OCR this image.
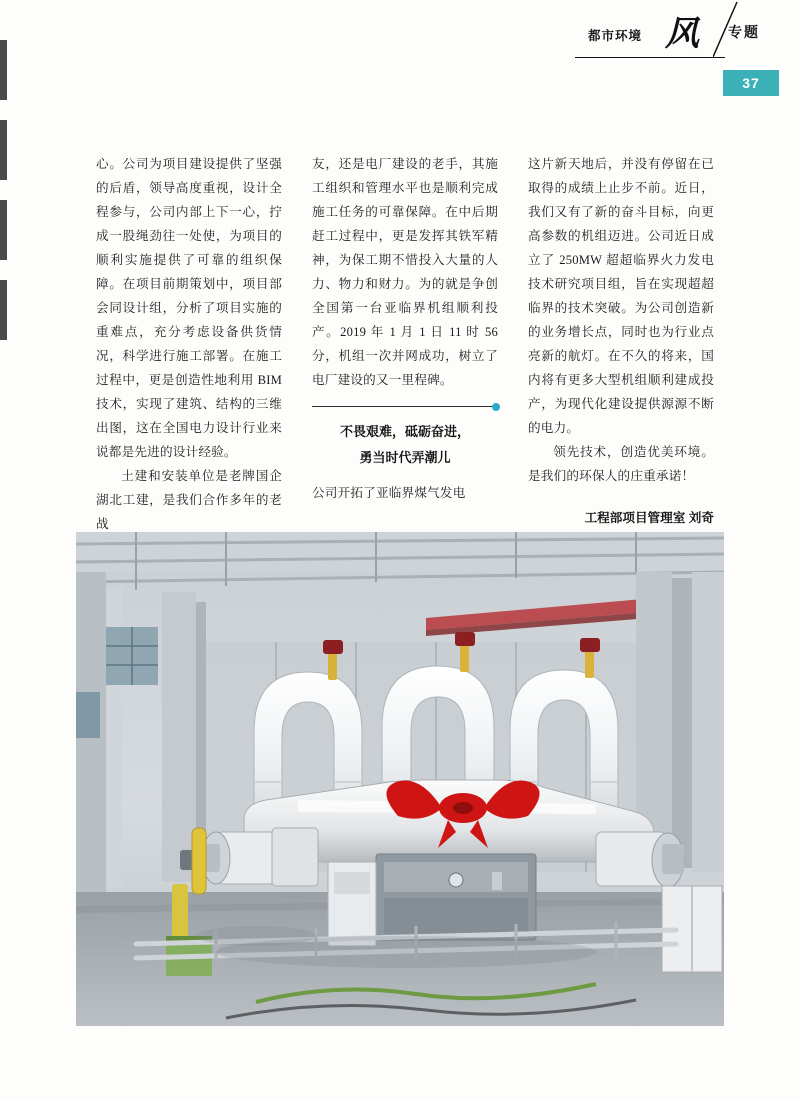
都市环境 风 专题
37

心。公司为项目建设提供了坚强的后盾，领导高度重视，设计全程参与，公司内部上下一心，拧成一股绳劲往一处使，为项目的顺利实施提供了可靠的组织保障。在项目前期策划中，项目部会同设计组，分析了项目实施的重难点，充分考虑设备供货情况，科学进行施工部署。在施工过程中，更是创造性地利用 BIM 技术，实现了建筑、结构的三维出图，这在全国电力设计行业来说都是先进的设计经验。

土建和安装单位是老牌国企湖北工建，是我们合作多年的老战

友，还是电厂建设的老手，其施工组织和管理水平也是顺利完成施工任务的可靠保障。在中后期赶工过程中，更是发挥其铁军精神，为保工期不惜投入大量的人力、物力和财力。为的就是争创全国第一台亚临界机组顺利投产。2019 年 1 月 1 日 11 时 56 分，机组一次并网成功，树立了电厂建设的又一里程碑。

不畏艰难，砥砺奋进，
勇当时代弄潮儿

公司开拓了亚临界煤气发电

这片新天地后，并没有停留在已取得的成绩上止步不前。近日，我们又有了新的奋斗目标，向更高参数的机组迈进。公司近日成立了 250MW 超超临界火力发电技术研究项目组，旨在实现超超临界的技术突破。为公司创造新的业务增长点，同时也为行业点亮新的航灯。在不久的将来，国内将有更多大型机组顺利建成投产，为现代化建设提供源源不断的电力。

领先技术，创造优美环境。是我们的环保人的庄重承诺！

工程部项目管理室 刘奇
